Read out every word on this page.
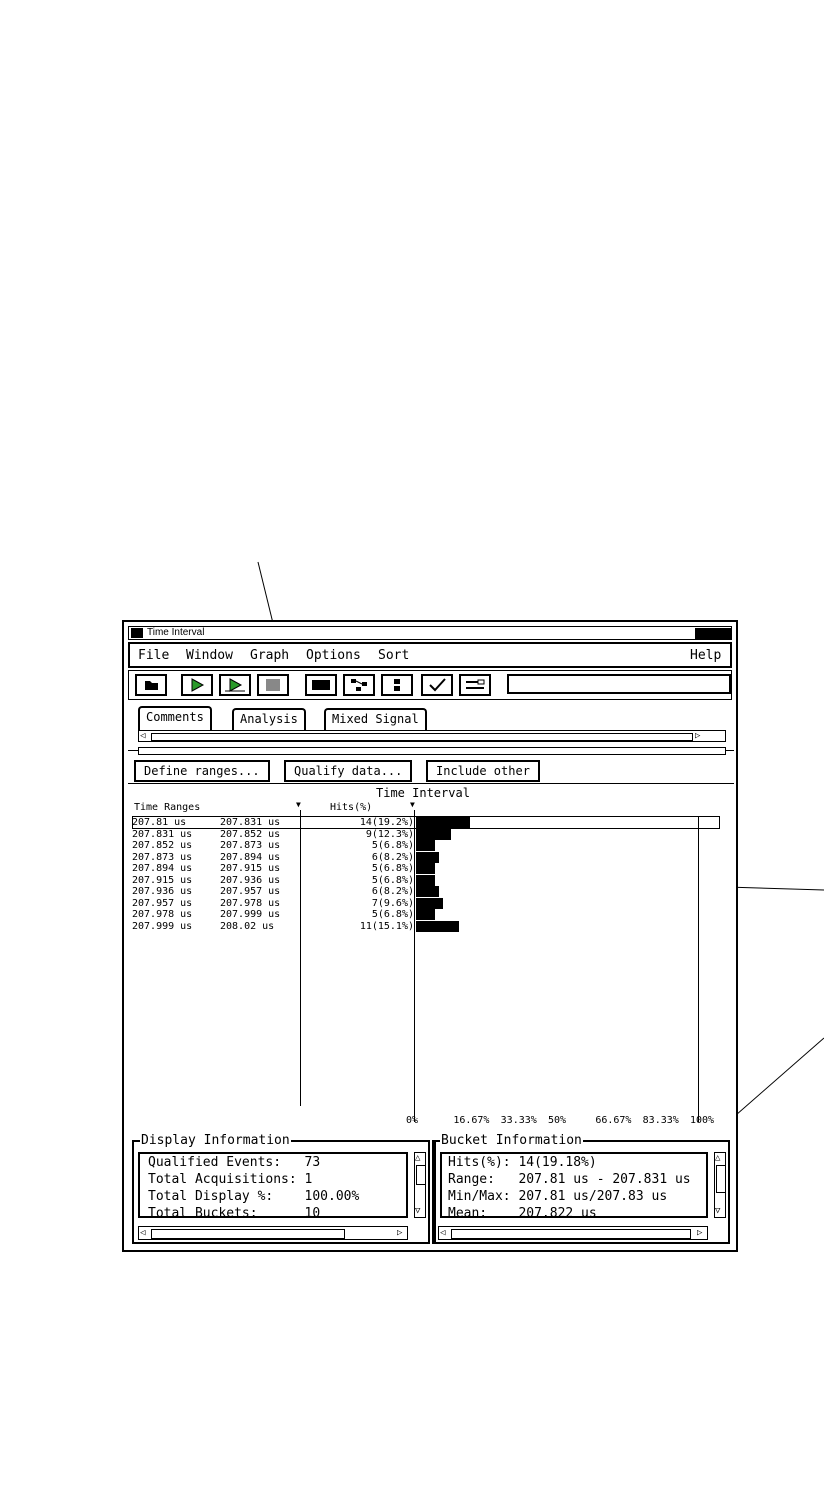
Time Interval
File Window Graph Options Sort	Help
Comments	Analysis	Mixed Signal
◁	▷
Define ranges...	Qualify data...	Include other
Time Interval
Time Ranges	Hits(%)
▼	▼
207.81 us	207.831 us	14(19.2%)
207.831 us	207.852 us	9(12.3%)
207.852 us	207.873 us	5(6.8%)
207.873 us	207.894 us	6(8.2%)
207.894 us	207.915 us	5(6.8%)
207.915 us	207.936 us	5(6.8%)
207.936 us	207.957 us	6(8.2%)
207.957 us	207.978 us	7(9.6%)
207.978 us	207.999 us	5(6.8%)
207.999 us	208.02 us	11(15.1%)
0%	16.67% 33.33% 50%	66.67% 83.33% 100%
Display Information
Qualified Events:   73
Total Acquisitions: 1
Total Display %:    100.00%
Total Buckets:      10
△
▽
◁	▷
Bucket Information
Hits(%): 14(19.18%)
Range:   207.81 us - 207.831 us
Min/Max: 207.81 us/207.83 us
Mean:    207.822 us
△
▽
◁	▷
